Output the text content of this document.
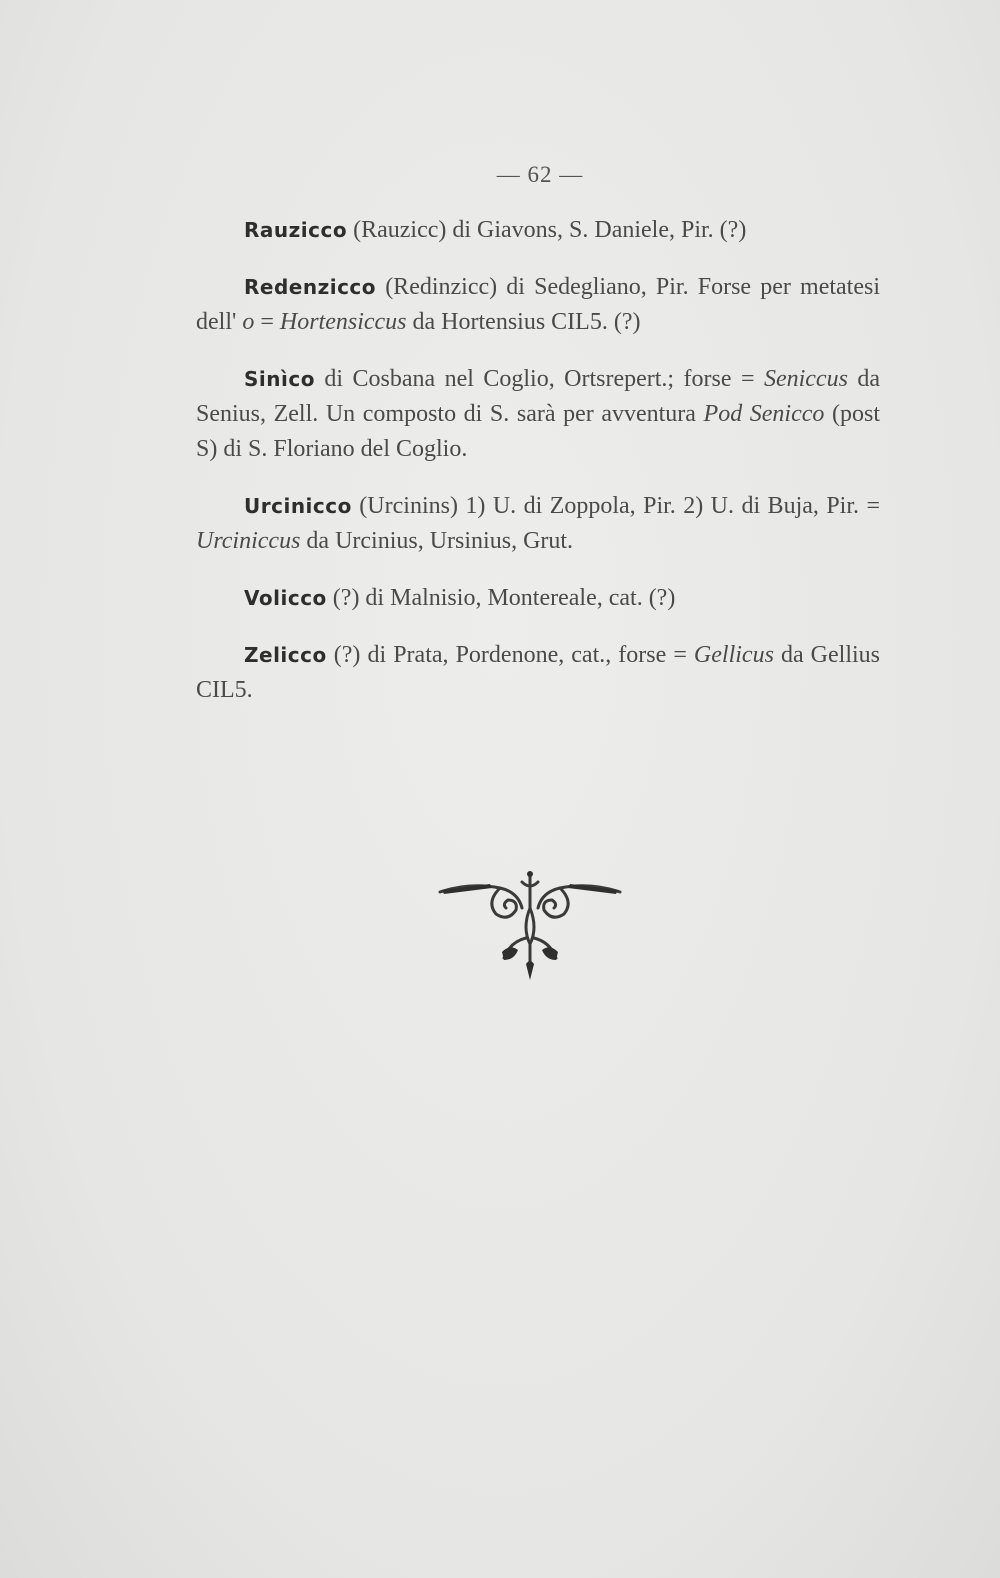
— 62 —

Rauzicco (Rauzicc) di Giavons, S. Daniele, Pir. (?)

Redenzicco (Redinzicc) di Sedegliano, Pir. Forse per metatesi dell' o = Hortensiccus da Hortensius CIL5. (?)

Sinìco di Cosbana nel Coglio, Ortsrepert.; forse = Seniccus da Senius, Zell. Un composto di S. sarà per avventura Pod Senicco (post S) di S. Floriano del Coglio.

Urcinicco (Urcinins) 1) U. di Zoppola, Pir. 2) U. di Buja, Pir. = Urciniccus da Urcinius, Ursinius, Grut.

Volicco (?) di Malnisio, Montereale, cat. (?)

Zelicco (?) di Prata, Pordenone, cat., forse = Gellicus da Gellius CIL5.
